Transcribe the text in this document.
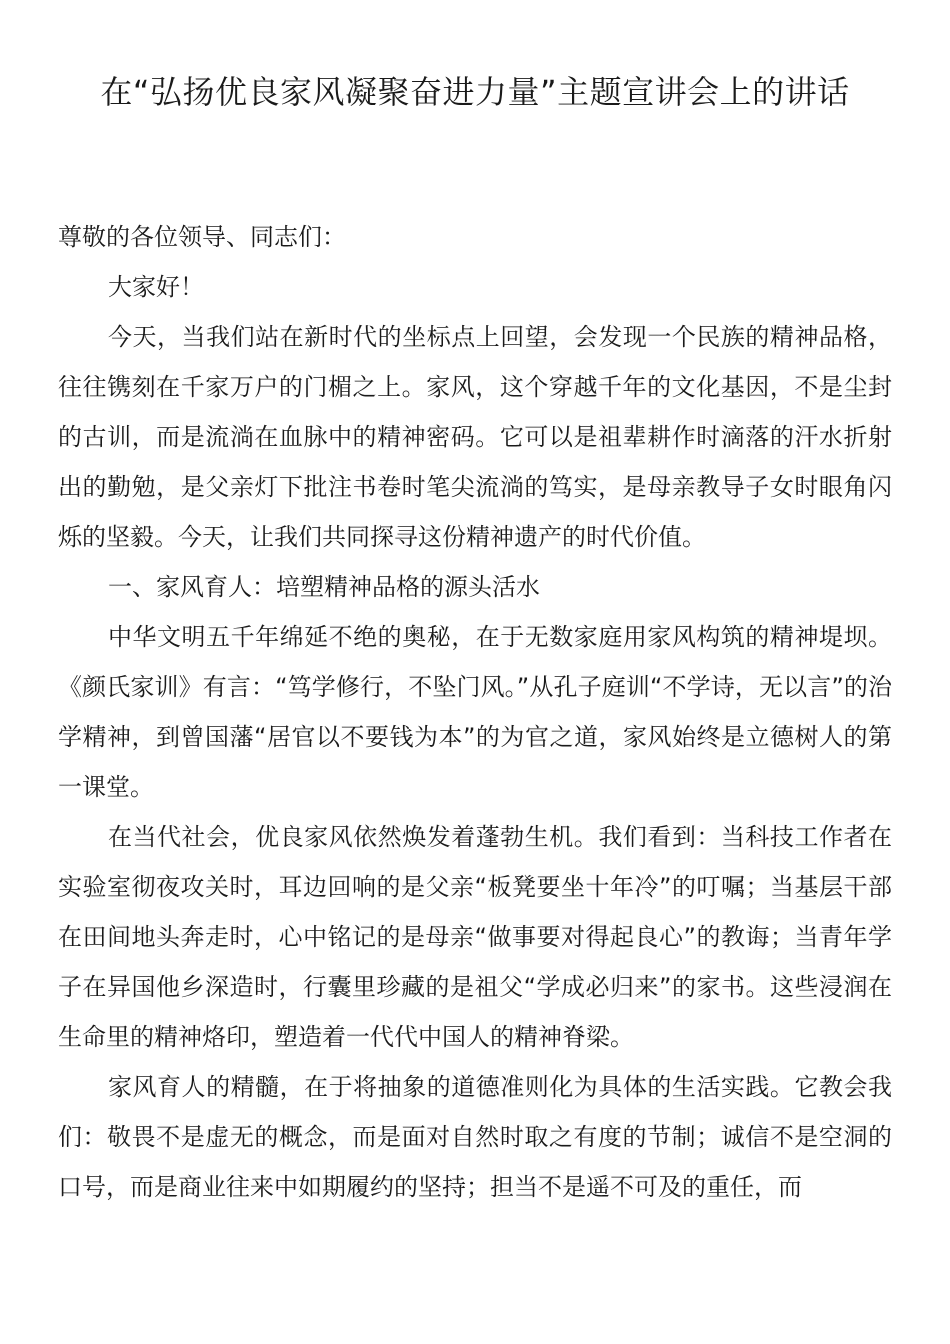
在“弘扬优良家风凝聚奋进力量”主题宣讲会上的讲话

尊敬的各位领导、同志们：

大家好！

今天，当我们站在新时代的坐标点上回望，会发现一个民族的精神品格，往往镌刻在千家万户的门楣之上。家风，这个穿越千年的文化基因，不是尘封的古训，而是流淌在血脉中的精神密码。它可以是祖辈耕作时滴落的汗水折射出的勤勉，是父亲灯下批注书卷时笔尖流淌的笃实，是母亲教导子女时眼角闪烁的坚毅。今天，让我们共同探寻这份精神遗产的时代价值。

一、家风育人：培塑精神品格的源头活水

中华文明五千年绵延不绝的奥秘，在于无数家庭用家风构筑的精神堤坝。《颜氏家训》有言：“笃学修行，不坠门风。”从孔子庭训“不学诗，无以言”的治学精神，到曾国藩“居官以不要钱为本”的为官之道，家风始终是立德树人的第一课堂。

在当代社会，优良家风依然焕发着蓬勃生机。我们看到：当科技工作者在实验室彻夜攻关时，耳边回响的是父亲“板凳要坐十年冷”的叮嘱；当基层干部在田间地头奔走时，心中铭记的是母亲“做事要对得起良心”的教诲；当青年学子在异国他乡深造时，行囊里珍藏的是祖父“学成必归来”的家书。这些浸润在生命里的精神烙印，塑造着一代代中国人的精神脊梁。

家风育人的精髓，在于将抽象的道德准则化为具体的生活实践。它教会我们：敬畏不是虚无的概念，而是面对自然时取之有度的节制；诚信不是空洞的口号，而是商业往来中如期履约的坚持；担当不是遥不可及的重任，而
